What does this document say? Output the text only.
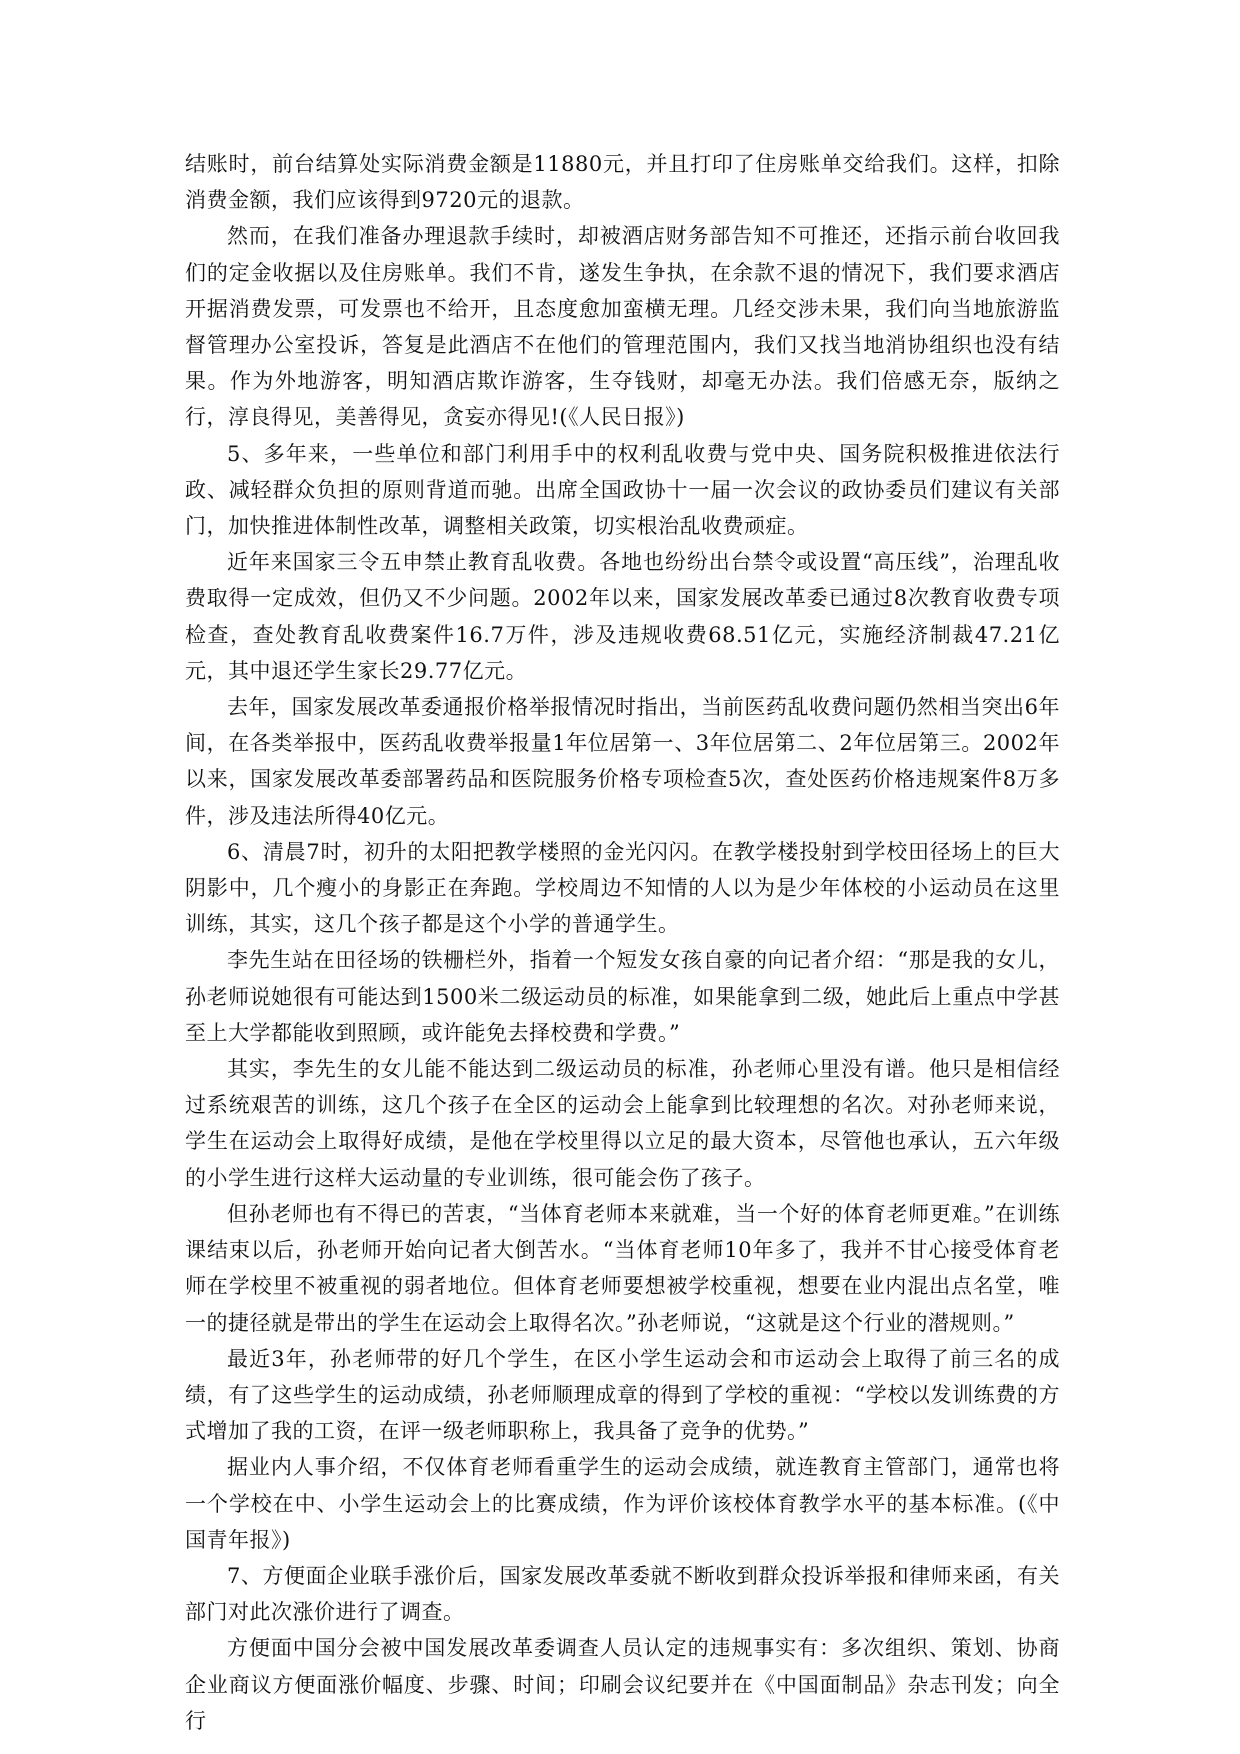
结账时，前台结算处实际消费金额是11880元，并且打印了住房账单交给我们。这样，扣除消费金额，我们应该得到9720元的退款。

然而，在我们准备办理退款手续时，却被酒店财务部告知不可推还，还指示前台收回我们的定金收据以及住房账单。我们不肯，遂发生争执，在余款不退的情况下，我们要求酒店开据消费发票，可发票也不给开，且态度愈加蛮横无理。几经交涉未果，我们向当地旅游监督管理办公室投诉，答复是此酒店不在他们的管理范围内，我们又找当地消协组织也没有结果。作为外地游客，明知酒店欺诈游客，生夺钱财，却毫无办法。我们倍感无奈，版纳之行，淳良得见，美善得见，贪妄亦得见!(《人民日报》)

5、多年来，一些单位和部门利用手中的权利乱收费与党中央、国务院积极推进依法行政、减轻群众负担的原则背道而驰。出席全国政协十一届一次会议的政协委员们建议有关部门，加快推进体制性改革，调整相关政策，切实根治乱收费顽症。

近年来国家三令五申禁止教育乱收费。各地也纷纷出台禁令或设置“高压线”，治理乱收费取得一定成效，但仍又不少问题。2002年以来，国家发展改革委已通过8次教育收费专项检查，查处教育乱收费案件16.7万件，涉及违规收费68.51亿元，实施经济制裁47.21亿元，其中退还学生家长29.77亿元。

去年，国家发展改革委通报价格举报情况时指出，当前医药乱收费问题仍然相当突出6年间，在各类举报中，医药乱收费举报量1年位居第一、3年位居第二、2年位居第三。2002年以来，国家发展改革委部署药品和医院服务价格专项检查5次，查处医药价格违规案件8万多件，涉及违法所得40亿元。

6、清晨7时，初升的太阳把教学楼照的金光闪闪。在教学楼投射到学校田径场上的巨大阴影中，几个瘦小的身影正在奔跑。学校周边不知情的人以为是少年体校的小运动员在这里训练，其实，这几个孩子都是这个小学的普通学生。

李先生站在田径场的铁栅栏外，指着一个短发女孩自豪的向记者介绍：“那是我的女儿，孙老师说她很有可能达到1500米二级运动员的标准，如果能拿到二级，她此后上重点中学甚至上大学都能收到照顾，或许能免去择校费和学费。”

其实，李先生的女儿能不能达到二级运动员的标准，孙老师心里没有谱。他只是相信经过系统艰苦的训练，这几个孩子在全区的运动会上能拿到比较理想的名次。对孙老师来说，学生在运动会上取得好成绩，是他在学校里得以立足的最大资本，尽管他也承认，五六年级的小学生进行这样大运动量的专业训练，很可能会伤了孩子。

但孙老师也有不得已的苦衷，“当体育老师本来就难，当一个好的体育老师更难。”在训练课结束以后，孙老师开始向记者大倒苦水。“当体育老师10年多了，我并不甘心接受体育老师在学校里不被重视的弱者地位。但体育老师要想被学校重视，想要在业内混出点名堂，唯一的捷径就是带出的学生在运动会上取得名次。”孙老师说，“这就是这个行业的潜规则。”

最近3年，孙老师带的好几个学生，在区小学生运动会和市运动会上取得了前三名的成绩，有了这些学生的运动成绩，孙老师顺理成章的得到了学校的重视：“学校以发训练费的方式增加了我的工资，在评一级老师职称上，我具备了竞争的优势。”

据业内人事介绍，不仅体育老师看重学生的运动会成绩，就连教育主管部门，通常也将一个学校在中、小学生运动会上的比赛成绩，作为评价该校体育教学水平的基本标准。(《中国青年报》)

7、方便面企业联手涨价后，国家发展改革委就不断收到群众投诉举报和律师来函，有关部门对此次涨价进行了调查。

方便面中国分会被中国发展改革委调查人员认定的违规事实有：多次组织、策划、协商企业商议方便面涨价幅度、步骤、时间；印刷会议纪要并在《中国面制品》杂志刊发；向全行
